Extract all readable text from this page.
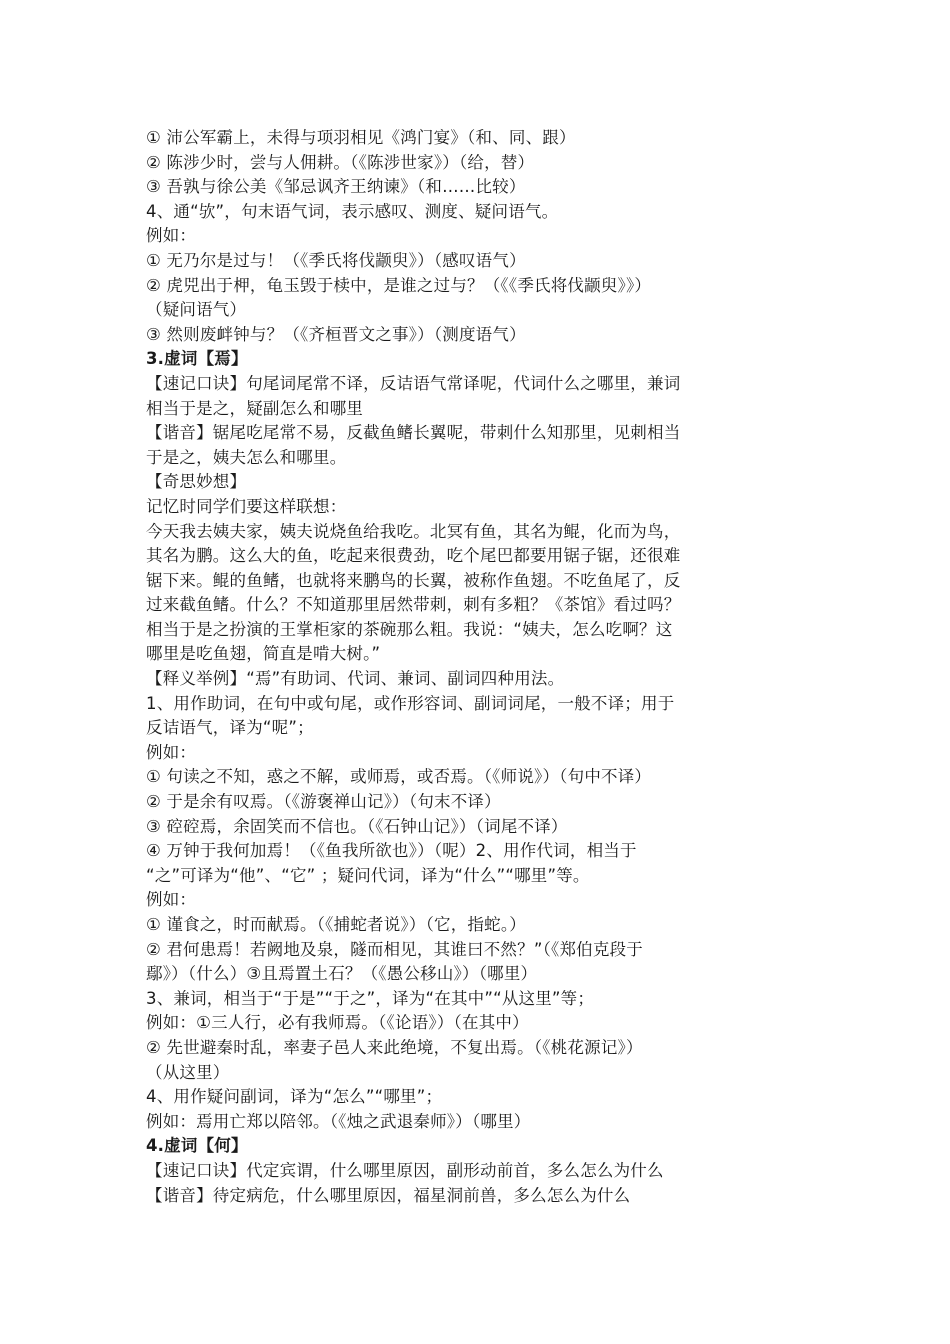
① 沛公军霸上，未得与项羽相见《鸿门宴》（和、同、跟）
② 陈涉少时，尝与人佣耕。（《陈涉世家》）（给，替）
③ 吾孰与徐公美《邹忌讽齐王纳谏》（和……比较）
4、通“欤”，句末语气词，表示感叹、测度、疑问语气。
例如：
① 无乃尔是过与！（《季氏将伐颛臾》）（感叹语气）
② 虎兕出于柙，龟玉毁于椟中，是谁之过与？（《《季氏将伐颛臾》》）
（疑问语气）
③ 然则废衅钟与？（《齐桓晋文之事》）（测度语气）
3.虚词【焉】
【速记口诀】句尾词尾常不译，反诘语气常译呢，代词什么之哪里，兼词
相当于是之，疑副怎么和哪里
【谐音】锯尾吃尾常不易，反截鱼鳍长翼呢，带刺什么知那里，见刺相当
于是之，姨夫怎么和哪里。
【奇思妙想】
记忆时同学们要这样联想：
今天我去姨夫家，姨夫说烧鱼给我吃。北冥有鱼，其名为鲲，化而为鸟，
其名为鹏。这么大的鱼，吃起来很费劲，吃个尾巴都要用锯子锯，还很难
锯下来。鲲的鱼鳍，也就将来鹏鸟的长翼，被称作鱼翅。不吃鱼尾了，反
过来截鱼鳍。什么？不知道那里居然带刺，刺有多粗？《茶馆》看过吗？
相当于是之扮演的王掌柜家的茶碗那么粗。我说：“姨夫，怎么吃啊？这
哪里是吃鱼翅，简直是啃大树。”
【释义举例】“焉”有助词、代词、兼词、副词四种用法。
1、用作助词，在句中或句尾，或作形容词、副词词尾，一般不译；用于
反诘语气，译为“呢”；
例如：
① 句读之不知，惑之不解，或师焉，或否焉。（《师说》）（句中不译）
② 于是余有叹焉。（《游褒禅山记》）（句末不译）
③ 硿硿焉，余固笑而不信也。（《石钟山记》）（词尾不译）
④ 万钟于我何加焉！（《鱼我所欲也》）（呢）2、用作代词，相当于
“之”可译为“他”、“它” ；疑问代词，译为“什么”“哪里”等。
例如：
① 谨食之，时而献焉。（《捕蛇者说》）（它，指蛇。）
② 君何患焉！若阙地及泉，隧而相见，其谁曰不然？”（《郑伯克段于
鄢》）（什么）③且焉置土石？（《愚公移山》）（哪里）
3、兼词，相当于“于是”“于之”，译为“在其中”“从这里”等；
例如：①三人行，必有我师焉。（《论语》）（在其中）
② 先世避秦时乱，率妻子邑人来此绝境，不复出焉。（《桃花源记》）
（从这里）
4、用作疑问副词，译为“怎么”“哪里”；
例如：焉用亡郑以陪邻。（《烛之武退秦师》）（哪里）
4.虚词【何】
【速记口诀】代定宾谓，什么哪里原因，副形动前首，多么怎么为什么
【谐音】待定病危，什么哪里原因，福星洞前兽，多么怎么为什么
